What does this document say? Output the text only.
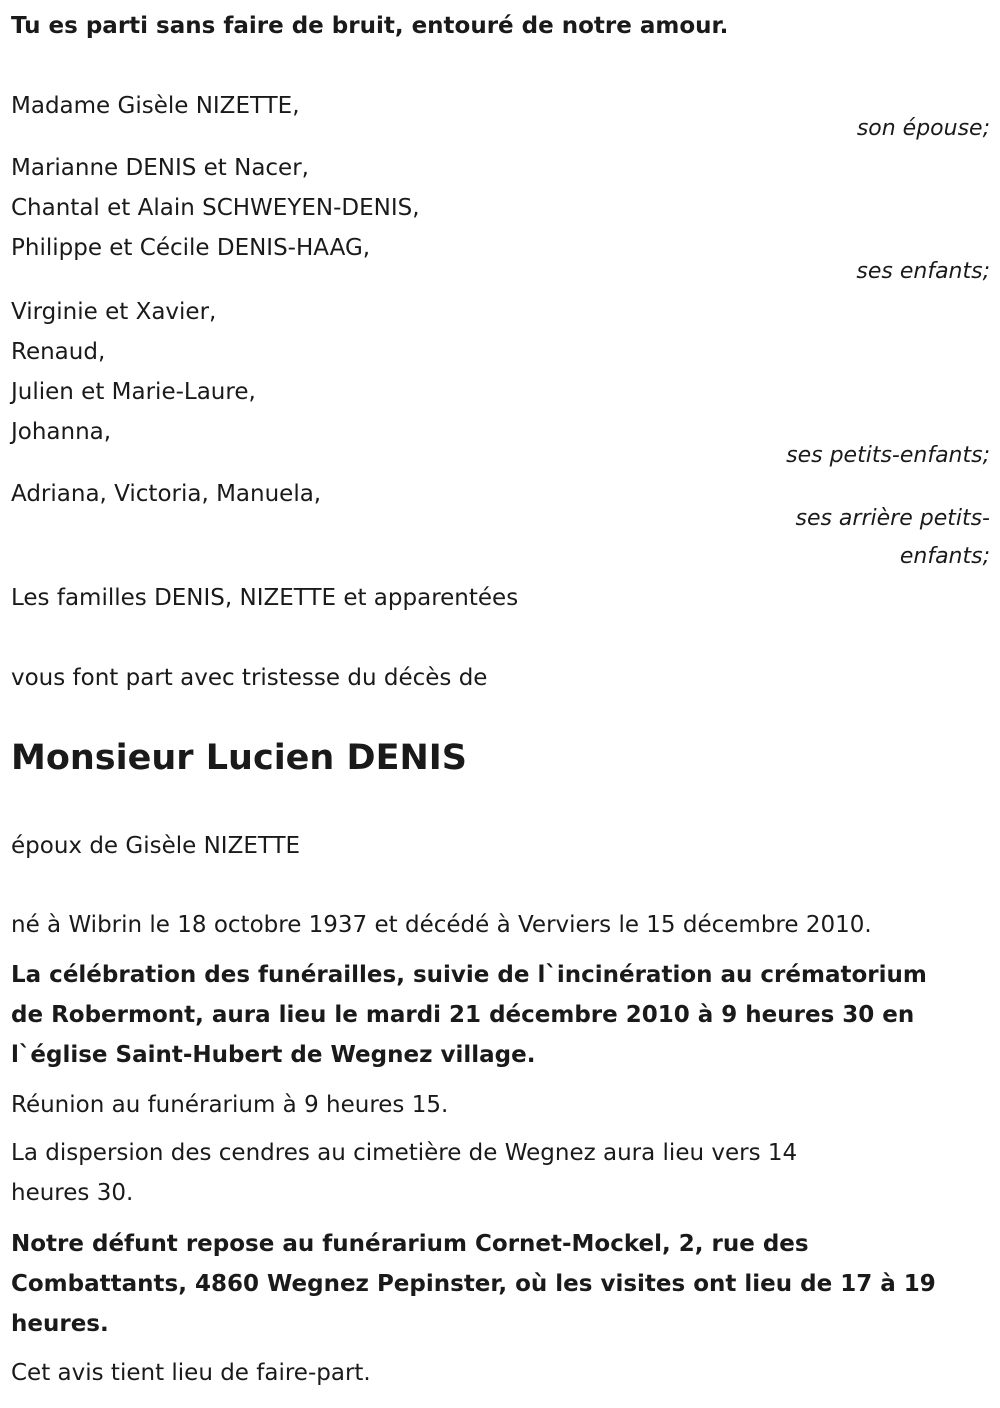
Tu es parti sans faire de bruit, entouré de notre amour.
Madame Gisèle NIZETTE,
son épouse;
Marianne DENIS et Nacer,
Chantal et Alain SCHWEYEN-DENIS,
Philippe et Cécile DENIS-HAAG,
ses enfants;
Virginie et Xavier,
Renaud,
Julien et Marie-Laure,
Johanna,
ses petits-enfants;
Adriana, Victoria, Manuela,
ses arrière petits-
enfants;
Les familles DENIS, NIZETTE et apparentées
vous font part avec tristesse du décès de
Monsieur Lucien DENIS
époux de Gisèle NIZETTE
né à Wibrin le 18 octobre 1937 et décédé à Verviers le 15 décembre 2010.
La célébration des funérailles, suivie de l`incinération au crématorium
de Robermont, aura lieu le mardi 21 décembre 2010 à 9 heures 30 en
l`église Saint-Hubert de Wegnez village.
Réunion au funérarium à 9 heures 15.
La dispersion des cendres au cimetière de Wegnez aura lieu vers 14
heures 30.
Notre défunt repose au funérarium Cornet-Mockel, 2, rue des
Combattants, 4860 Wegnez Pepinster, où les visites ont lieu de 17 à 19
heures.
Cet avis tient lieu de faire-part.
